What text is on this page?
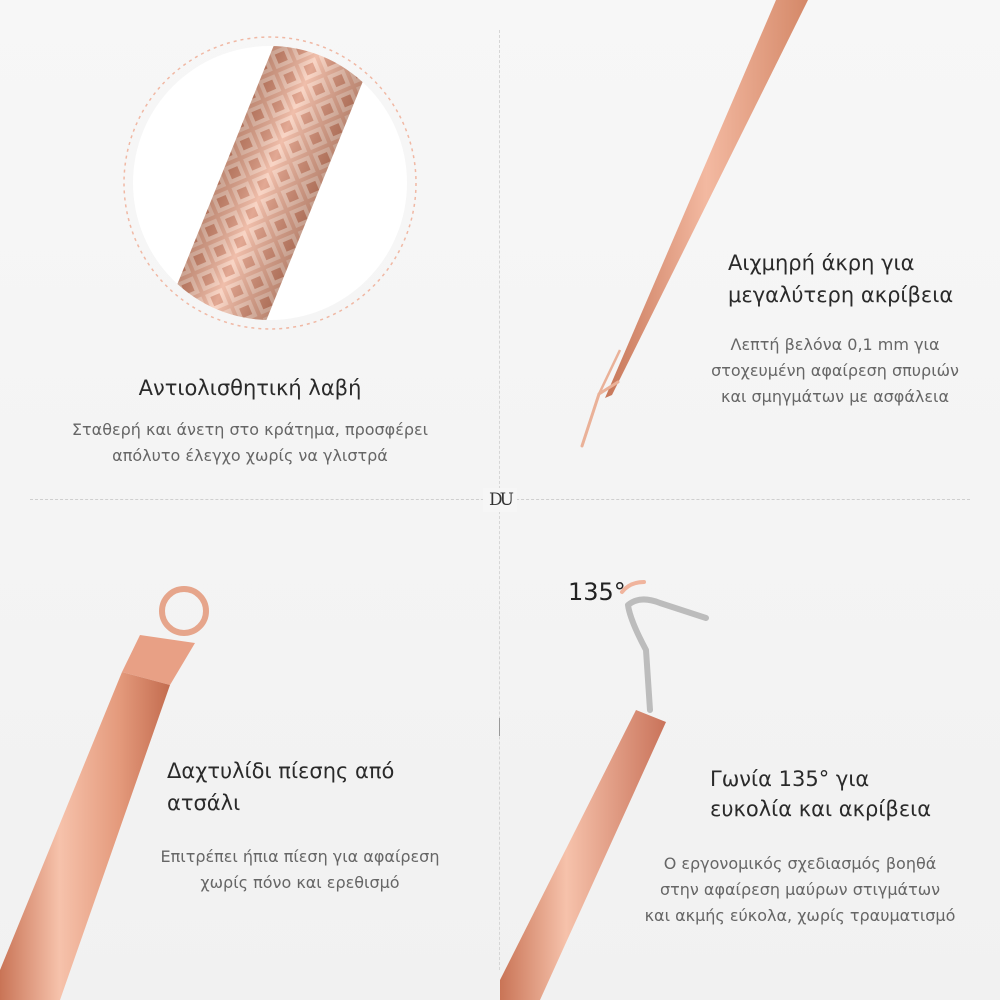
Αντιολισθητική λαβή
Σταθερή και άνετη στο κράτημα, προσφέρει
απόλυτο έλεγχο χωρίς να γλιστρά
Αιχμηρή άκρη για
μεγαλύτερη ακρίβεια
Λεπτή βελόνα 0,1 mm για
στοχευμένη αφαίρεση σπυριών
και σμηγμάτων με ασφάλεια
Δαχτυλίδι πίεσης από
ατσάλι
Επιτρέπει ήπια πίεση για αφαίρεση
χωρίς πόνο και ερεθισμό
Γωνία 135° για
ευκολία και ακρίβεια
135°
Ο εργονομικός σχεδιασμός βοηθά
στην αφαίρεση μαύρων στιγμάτων
και ακμής εύκολα, χωρίς τραυματισμό
DU
